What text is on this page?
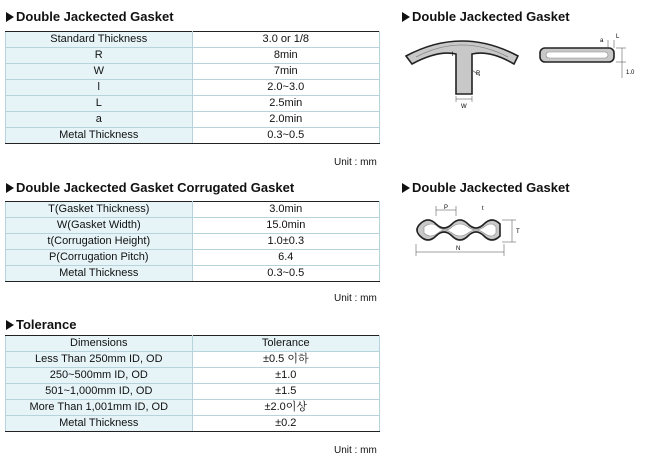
Double Jackected Gasket
Standard Thickness	3.0 or 1/8
R	8min
W	7min
l	2.0~3.0
L	2.5min
a	2.0min
Metal Thickness	0.3~0.5
Unit : mm
Double Jackected Gasket Corrugated Gasket
T(Gasket Thickness)	3.0min
W(Gasket Width)	15.0min
t(Corrugation Height)	1.0±0.3
P(Corrugation Pitch)	6.4
Metal Thickness	0.3~0.5
Unit : mm
Tolerance
Dimensions	Tolerance
Less Than 250mm ID, OD	±0.5 이하
250~500mm ID, OD	±1.0
501~1,000mm ID, OD	±1.5
More Than 1,001mm ID, OD	±2.0이상
Metal Thickness	±0.2
Unit : mm
Double Jackected Gasket
l
R
W
a
L
1.0
Double Jackected Gasket
P	t
T
N
